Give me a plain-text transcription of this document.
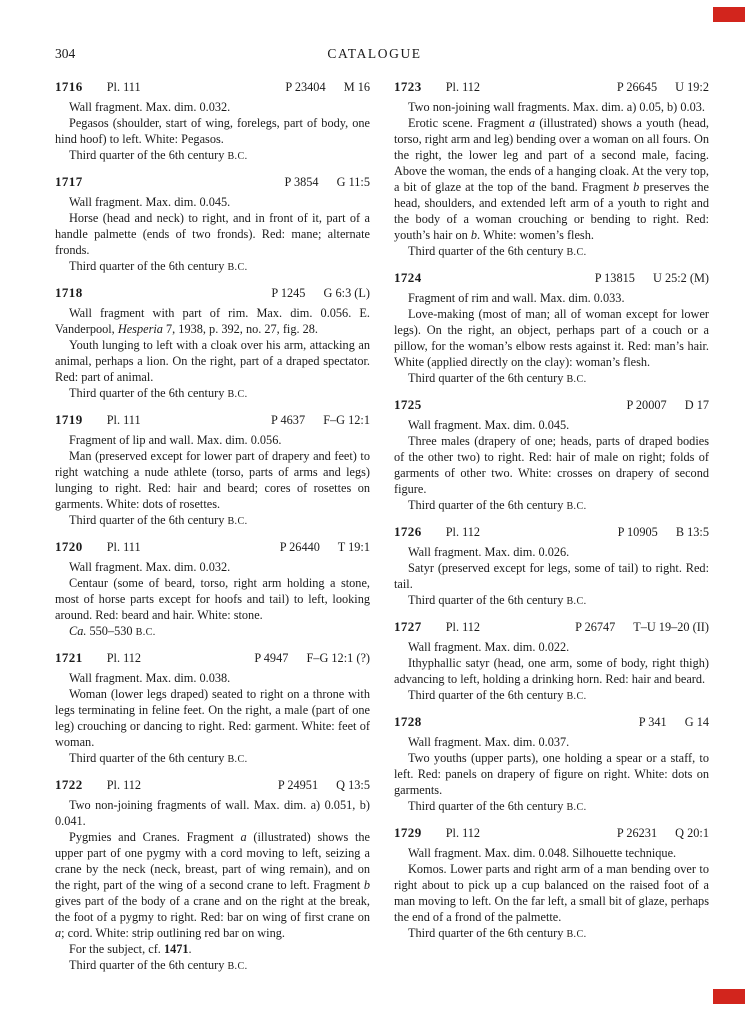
304	CATALOGUE
1716 Pl. 111	P 23404 M 16

Wall fragment. Max. dim. 0.032.

Pegasos (shoulder, start of wing, forelegs, part of body, one hind hoof) to left. White: Pegasos.

Third quarter of the 6th century B.C.

1717	P 3854 G 11:5

Wall fragment. Max. dim. 0.045.

Horse (head and neck) to right, and in front of it, part of a handle palmette (ends of two fronds). Red: mane; alternate fronds.

Third quarter of the 6th century B.C.

1718	P 1245 G 6:3 (L)

Wall fragment with part of rim. Max. dim. 0.056. E. Vanderpool, Hesperia 7, 1938, p. 392, no. 27, fig. 28.

Youth lunging to left with a cloak over his arm, attacking an animal, perhaps a lion. On the right, part of a draped spectator. Red: part of animal.

Third quarter of the 6th century B.C.

1719 Pl. 111	P 4637 F–G 12:1

Fragment of lip and wall. Max. dim. 0.056.

Man (preserved except for lower part of drapery and feet) to right watching a nude athlete (torso, parts of arms and legs) lunging to right. Red: hair and beard; cores of rosettes on garments. White: dots of rosettes.

Third quarter of the 6th century B.C.

1720 Pl. 111	P 26440 T 19:1

Wall fragment. Max. dim. 0.032.

Centaur (some of beard, torso, right arm holding a stone, most of horse parts except for hoofs and tail) to left, looking around. Red: beard and hair. White: stone.

Ca. 550–530 B.C.

1721 Pl. 112	P 4947 F–G 12:1 (?)

Wall fragment. Max. dim. 0.038.

Woman (lower legs draped) seated to right on a throne with legs terminating in feline feet. On the right, a male (part of one leg) crouching or dancing to right. Red: garment. White: feet of woman.

Third quarter of the 6th century B.C.

1722 Pl. 112	P 24951 Q 13:5

Two non-joining fragments of wall. Max. dim. a) 0.051, b) 0.041.

Pygmies and Cranes. Fragment a (illustrated) shows the upper part of one pygmy with a cord moving to left, seizing a crane by the neck (neck, breast, part of wing remain), and on the right, part of the wing of a second crane to left. Fragment b gives part of the body of a crane and on the right at the break, the foot of a pygmy to right. Red: bar on wing of first crane on a; cord. White: strip outlining red bar on wing.

For the subject, cf. 1471.

Third quarter of the 6th century B.C.

1723 Pl. 112	P 26645 U 19:2

Two non-joining wall fragments. Max. dim. a) 0.05, b) 0.03.

Erotic scene. Fragment a (illustrated) shows a youth (head, torso, right arm and leg) bending over a woman on all fours. On the right, the lower leg and part of a second male, facing. Above the woman, the ends of a hanging cloak. At the very top, a bit of glaze at the top of the band. Fragment b preserves the head, shoulders, and extended left arm of a youth to right and the body of a woman crouching or bending to right. Red: youth’s hair on b. White: women’s flesh.

Third quarter of the 6th century B.C.

1724	P 13815 U 25:2 (M)

Fragment of rim and wall. Max. dim. 0.033.

Love-making (most of man; all of woman except for lower legs). On the right, an object, perhaps part of a couch or a pillow, for the woman’s elbow rests against it. Red: man’s hair. White (applied directly on the clay): woman’s flesh.

Third quarter of the 6th century B.C.

1725	P 20007 D 17

Wall fragment. Max. dim. 0.045.

Three males (drapery of one; heads, parts of draped bodies of the other two) to right. Red: hair of male on right; folds of garments of other two. White: crosses on drapery of second figure.

Third quarter of the 6th century B.C.

1726 Pl. 112	P 10905 B 13:5

Wall fragment. Max. dim. 0.026.

Satyr (preserved except for legs, some of tail) to right. Red: tail.

Third quarter of the 6th century B.C.

1727 Pl. 112	P 26747 T–U 19–20 (II)

Wall fragment. Max. dim. 0.022.

Ithyphallic satyr (head, one arm, some of body, right thigh) advancing to left, holding a drinking horn. Red: hair and beard.

Third quarter of the 6th century B.C.

1728	P 341 G 14

Wall fragment. Max. dim. 0.037.

Two youths (upper parts), one holding a spear or a staff, to left. Red: panels on drapery of figure on right. White: dots on garments.

Third quarter of the 6th century B.C.

1729 Pl. 112	P 26231 Q 20:1

Wall fragment. Max. dim. 0.048. Silhouette technique.

Komos. Lower parts and right arm of a man bending over to right about to pick up a cup balanced on the raised foot of a man moving to left. On the far left, a small bit of glaze, perhaps the end of a frond of the palmette.

Third quarter of the 6th century B.C.
